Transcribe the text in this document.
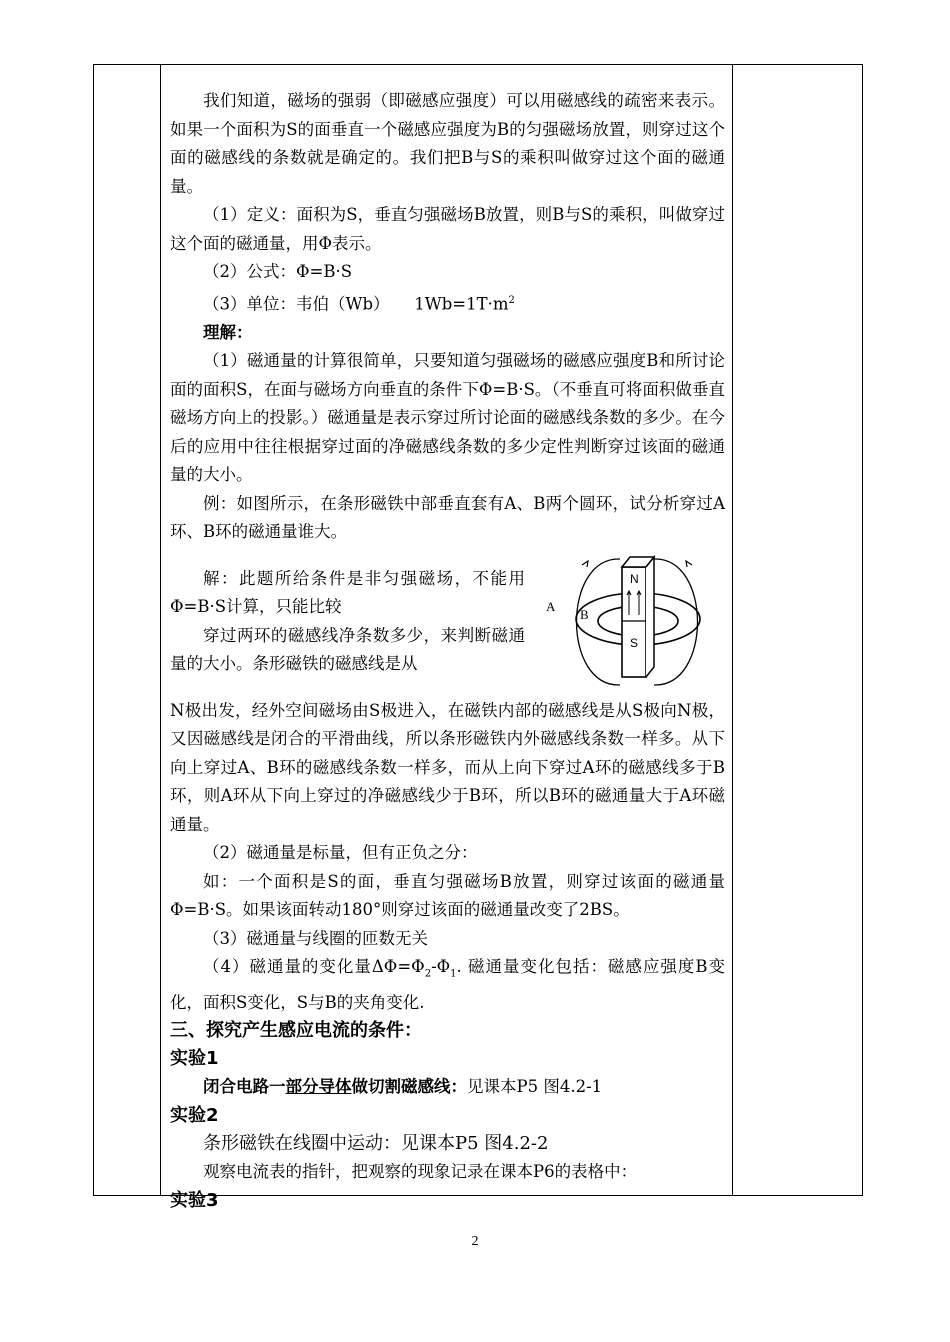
我们知道，磁场的强弱（即磁感应强度）可以用磁感线的疏密来表示。如果一个面积为S的面垂直一个磁感应强度为B的匀强磁场放置，则穿过这个面的磁感线的条数就是确定的。我们把B与S的乘积叫做穿过这个面的磁通量。

（1）定义：面积为S，垂直匀强磁场B放置，则B与S的乘积，叫做穿过这个面的磁通量，用Φ表示。

（2）公式：Φ=B·S

（3）单位：韦伯（Wb）　　$1Wb=1T\cdot m^2$

理解：

（1）磁通量的计算很简单，只要知道匀强磁场的磁感应强度B和所讨论面的面积S，在面与磁场方向垂直的条件下Φ=B·S。（不垂直可将面积做垂直磁场方向上的投影。）磁通量是表示穿过所讨论面的磁感线条数的多少。在今后的应用中往往根据穿过面的净磁感线条数的多少定性判断穿过该面的磁通量的大小。

例：如图所示，在条形磁铁中部垂直套有A、B两个圆环，试分析穿过A环、B环的磁通量谁大。

N
S
A
B

解：此题所给条件是非匀强磁场，不能用Φ=B·S计算，只能比较

穿过两环的磁感线净条数多少，来判断磁通量的大小。条形磁铁的磁感线是从

N极出发，经外空间磁场由S极进入，在磁铁内部的磁感线是从S极向N极，又因磁感线是闭合的平滑曲线，所以条形磁铁内外磁感线条数一样多。从下向上穿过A、B环的磁感线条数一样多，而从上向下穿过A环的磁感线多于B环，则A环从下向上穿过的净磁感线少于B环，所以B环的磁通量大于A环磁通量。

（2）磁通量是标量，但有正负之分：

如：一个面积是S的面，垂直匀强磁场B放置，则穿过该面的磁通量Φ=B·S。如果该面转动180°则穿过该面的磁通量改变了2BS。

（3）磁通量与线圈的匝数无关

（4）磁通量的变化量$\Delta\Phi=\Phi_2-\Phi_1$. 磁通量变化包括：磁感应强度B变化，面积S变化，S与B的夹角变化.

三、探究产生感应电流的条件：

实验1

闭合电路一部分导体做切割磁感线：见课本P5 图4.2-1

实验2

条形磁铁在线圈中运动：见课本P5 图4.2-2

观察电流表的指针，把观察的现象记录在课本P6的表格中：

实验3

2
